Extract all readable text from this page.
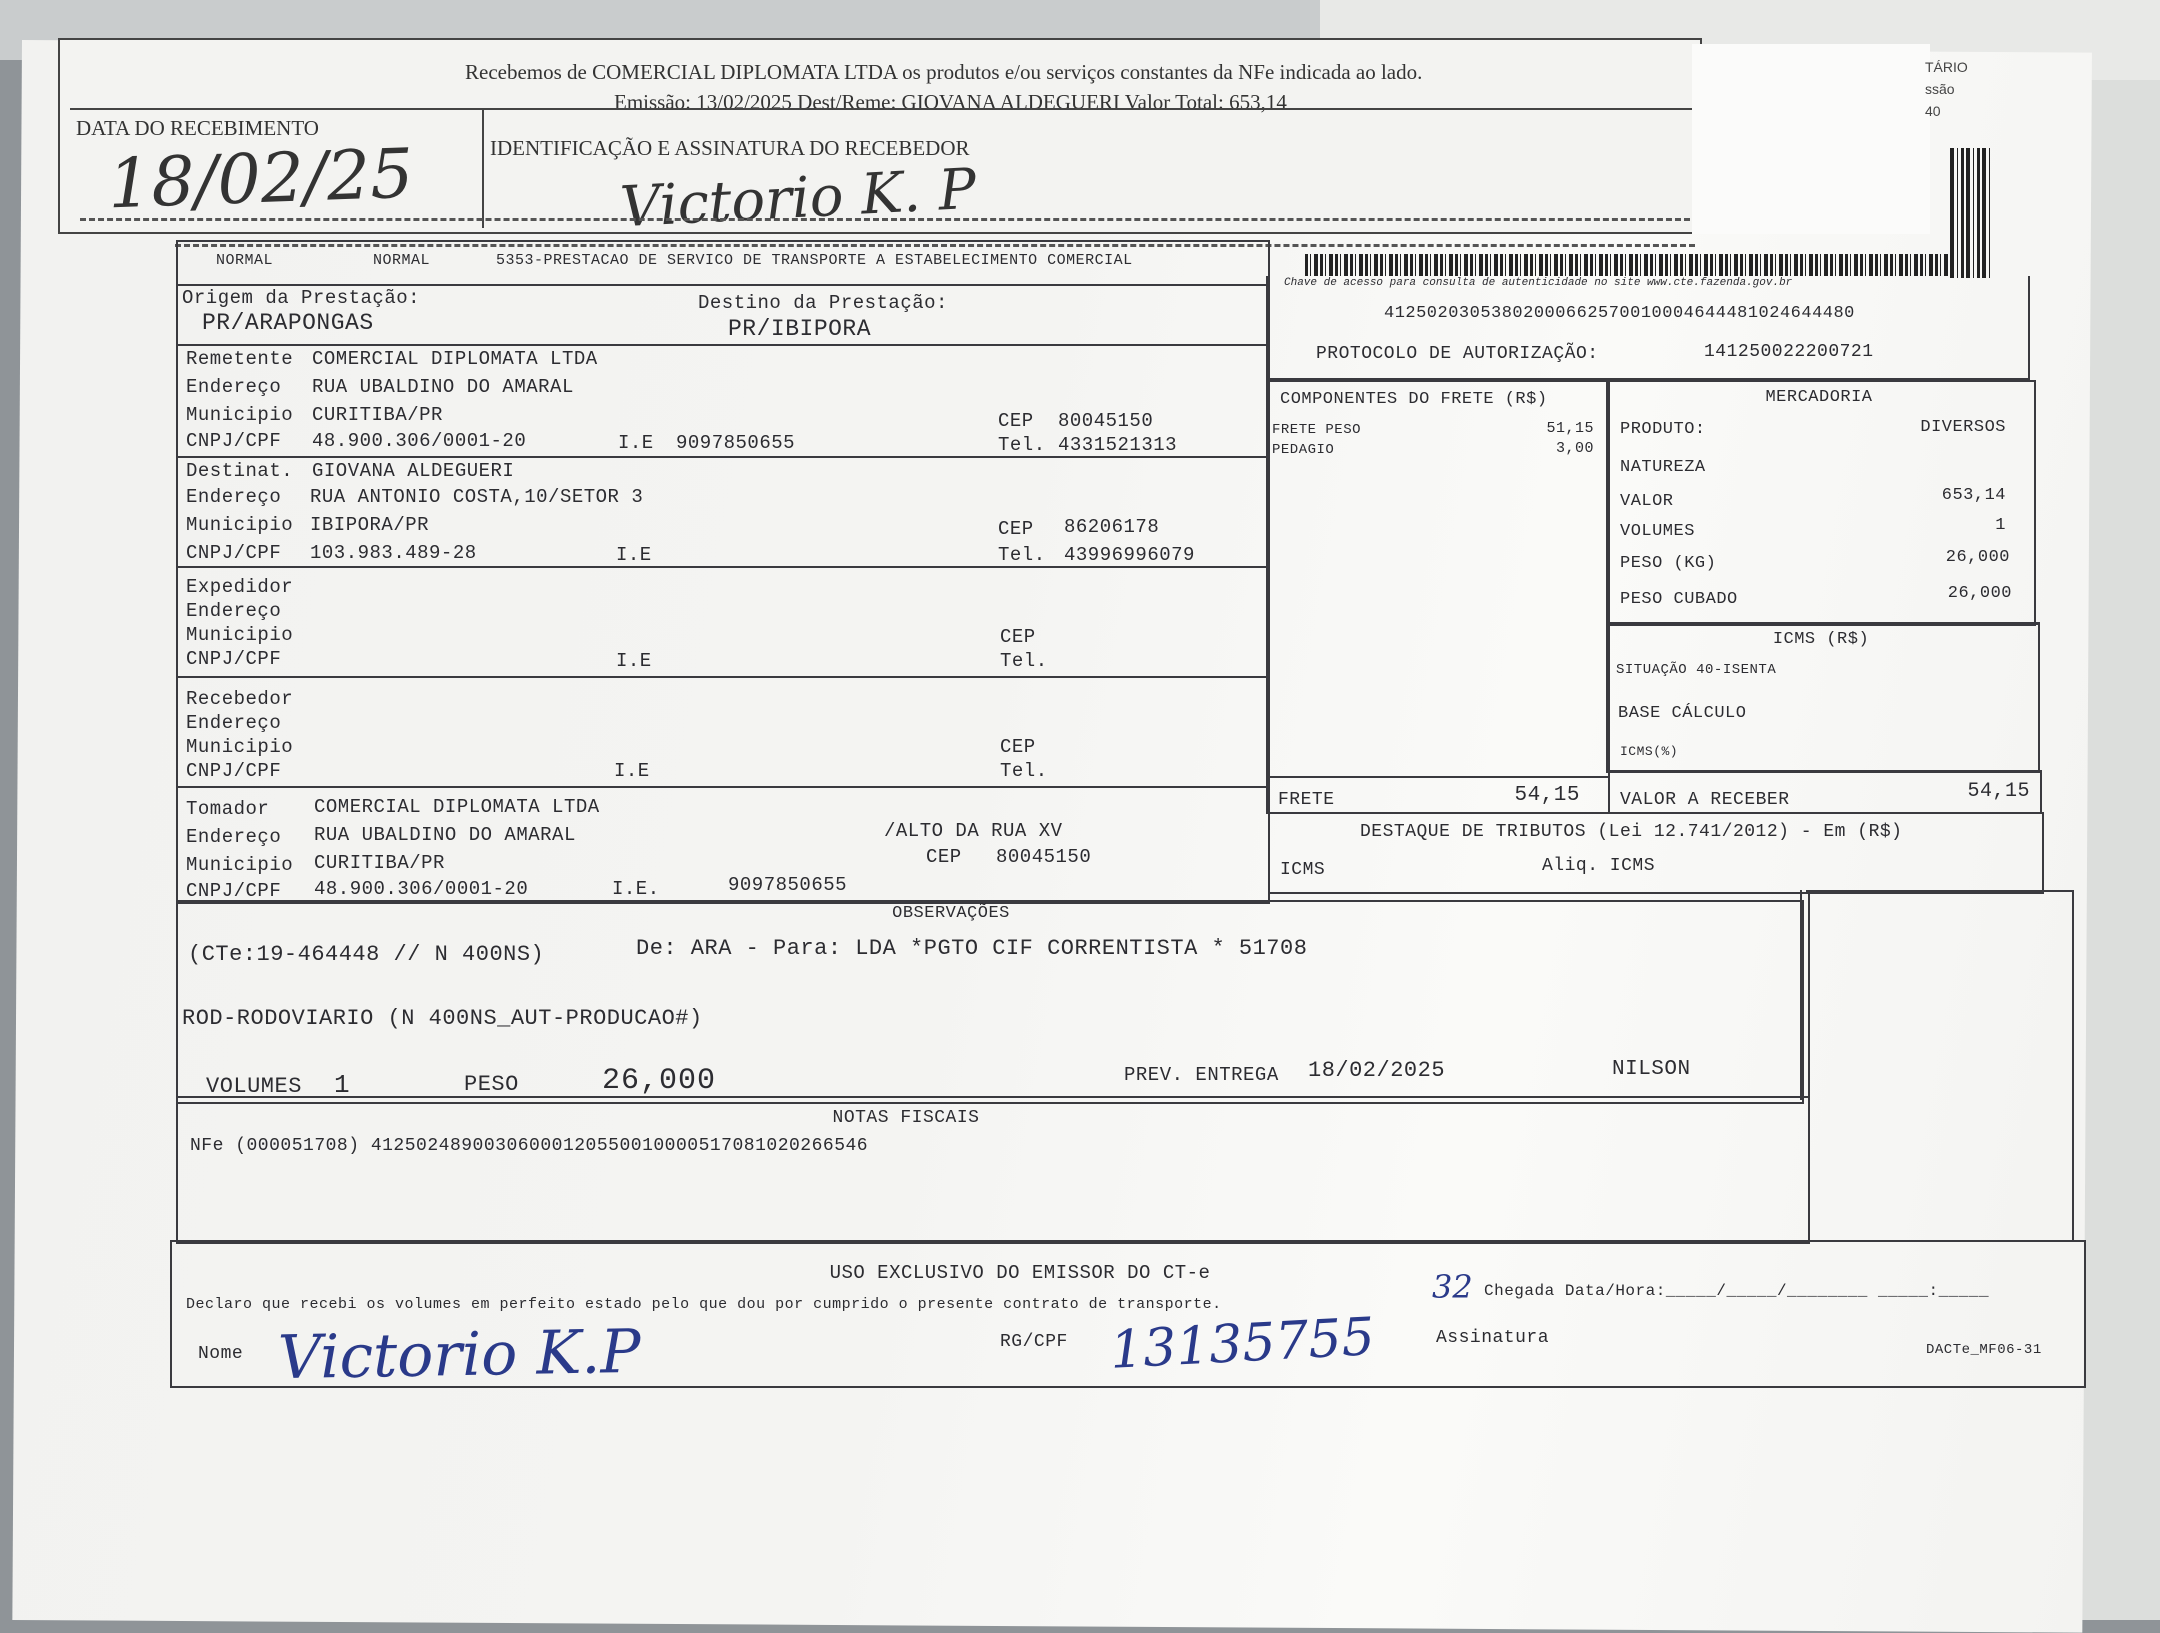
Recebemos de COMERCIAL DIPLOMATA LTDA os produtos e/ou serviços constantes da NFe indicada ao lado.
Emissão: 13/02/2025 Dest/Reme: GIOVANA ALDEGUERI Valor Total: 653,14
DATA DO RECEBIMENTO
IDENTIFICAÇÃO E ASSINATURA DO RECEBEDOR
18/02/25	Victorio K. P
TÁRIO
ssão
40
NORMAL	NORMAL	5353-PRESTACAO DE SERVICO DE TRANSPORTE A ESTABELECIMENTO COMERCIAL
Origem da Prestação:
PR/ARAPONGAS
Destino da Prestação:
PR/IBIPORA
Remetente COMERCIAL DIPLOMATA LTDA
Endereço RUA UBALDINO DO AMARAL
Municipio CURITIBA/PR
CNPJ/CPF 48.900.306/0001-20	I.E 9097850655
CEP 80045150
Tel. 4331521313
Destinat. GIOVANA ALDEGUERI
Endereço RUA ANTONIO COSTA,10/SETOR 3
Municipio IBIPORA/PR
CNPJ/CPF 103.983.489-28	I.E
CEP 86206178
Tel. 43996996079
Expedidor
Endereço
Municipio
CNPJ/CPF	I.E
CEP
Tel.
Recebedor
Endereço
Municipio
CNPJ/CPF	I.E
CEP
Tel.
Tomador COMERCIAL DIPLOMATA LTDA
Endereço RUA UBALDINO DO AMARAL	/ALTO DA RUA XV
Municipio CURITIBA/PR	CEP 80045150
CNPJ/CPF 48.900.306/0001-20	I.E.	9097850655
Chave de acesso para consulta de autenticidade no site www.cte.fazenda.gov.br
41250203053802000662570010004644481024644480
PROTOCOLO DE AUTORIZAÇÃO:	141250022200721
COMPONENTES DO FRETE (R$)
FRETE PESO	51,15
PEDAGIO	3,00
FRETE	54,15
MERCADORIA
PRODUTO:	DIVERSOS
NATUREZA
VALOR	653,14
VOLUMES	1
PESO (KG)	26,000
PESO CUBADO	26,000
ICMS (R$)
SITUAÇÃO 40-ISENTA
BASE CÁLCULO
ICMS(%)
VALOR A RECEBER	54,15
DESTAQUE DE TRIBUTOS (Lei 12.741/2012) - Em (R$)
ICMS	Aliq. ICMS
OBSERVAÇÕES
(CTe:19-464448 // N 400NS)	De: ARA - Para: LDA *PGTO CIF CORRENTISTA * 51708
ROD-RODOVIARIO (N 400NS_AUT-PRODUCAO#)
VOLUMES 1	PESO	26,000	PREV. ENTREGA 18/02/2025	NILSON
NOTAS FISCAIS
NFe (000051708) 41250248900306000120550010000517081020266546
USO EXCLUSIVO DO EMISSOR DO CT-e
Declaro que recebi os volumes em perfeito estado pelo que dou por cumprido o presente contrato de transporte.
Chegada Data/Hora:_____/_____/________ _____:_____
Nome
RG/CPF	Assinatura
DACTe_MF06-31
Victorio K.P	13135755
32
